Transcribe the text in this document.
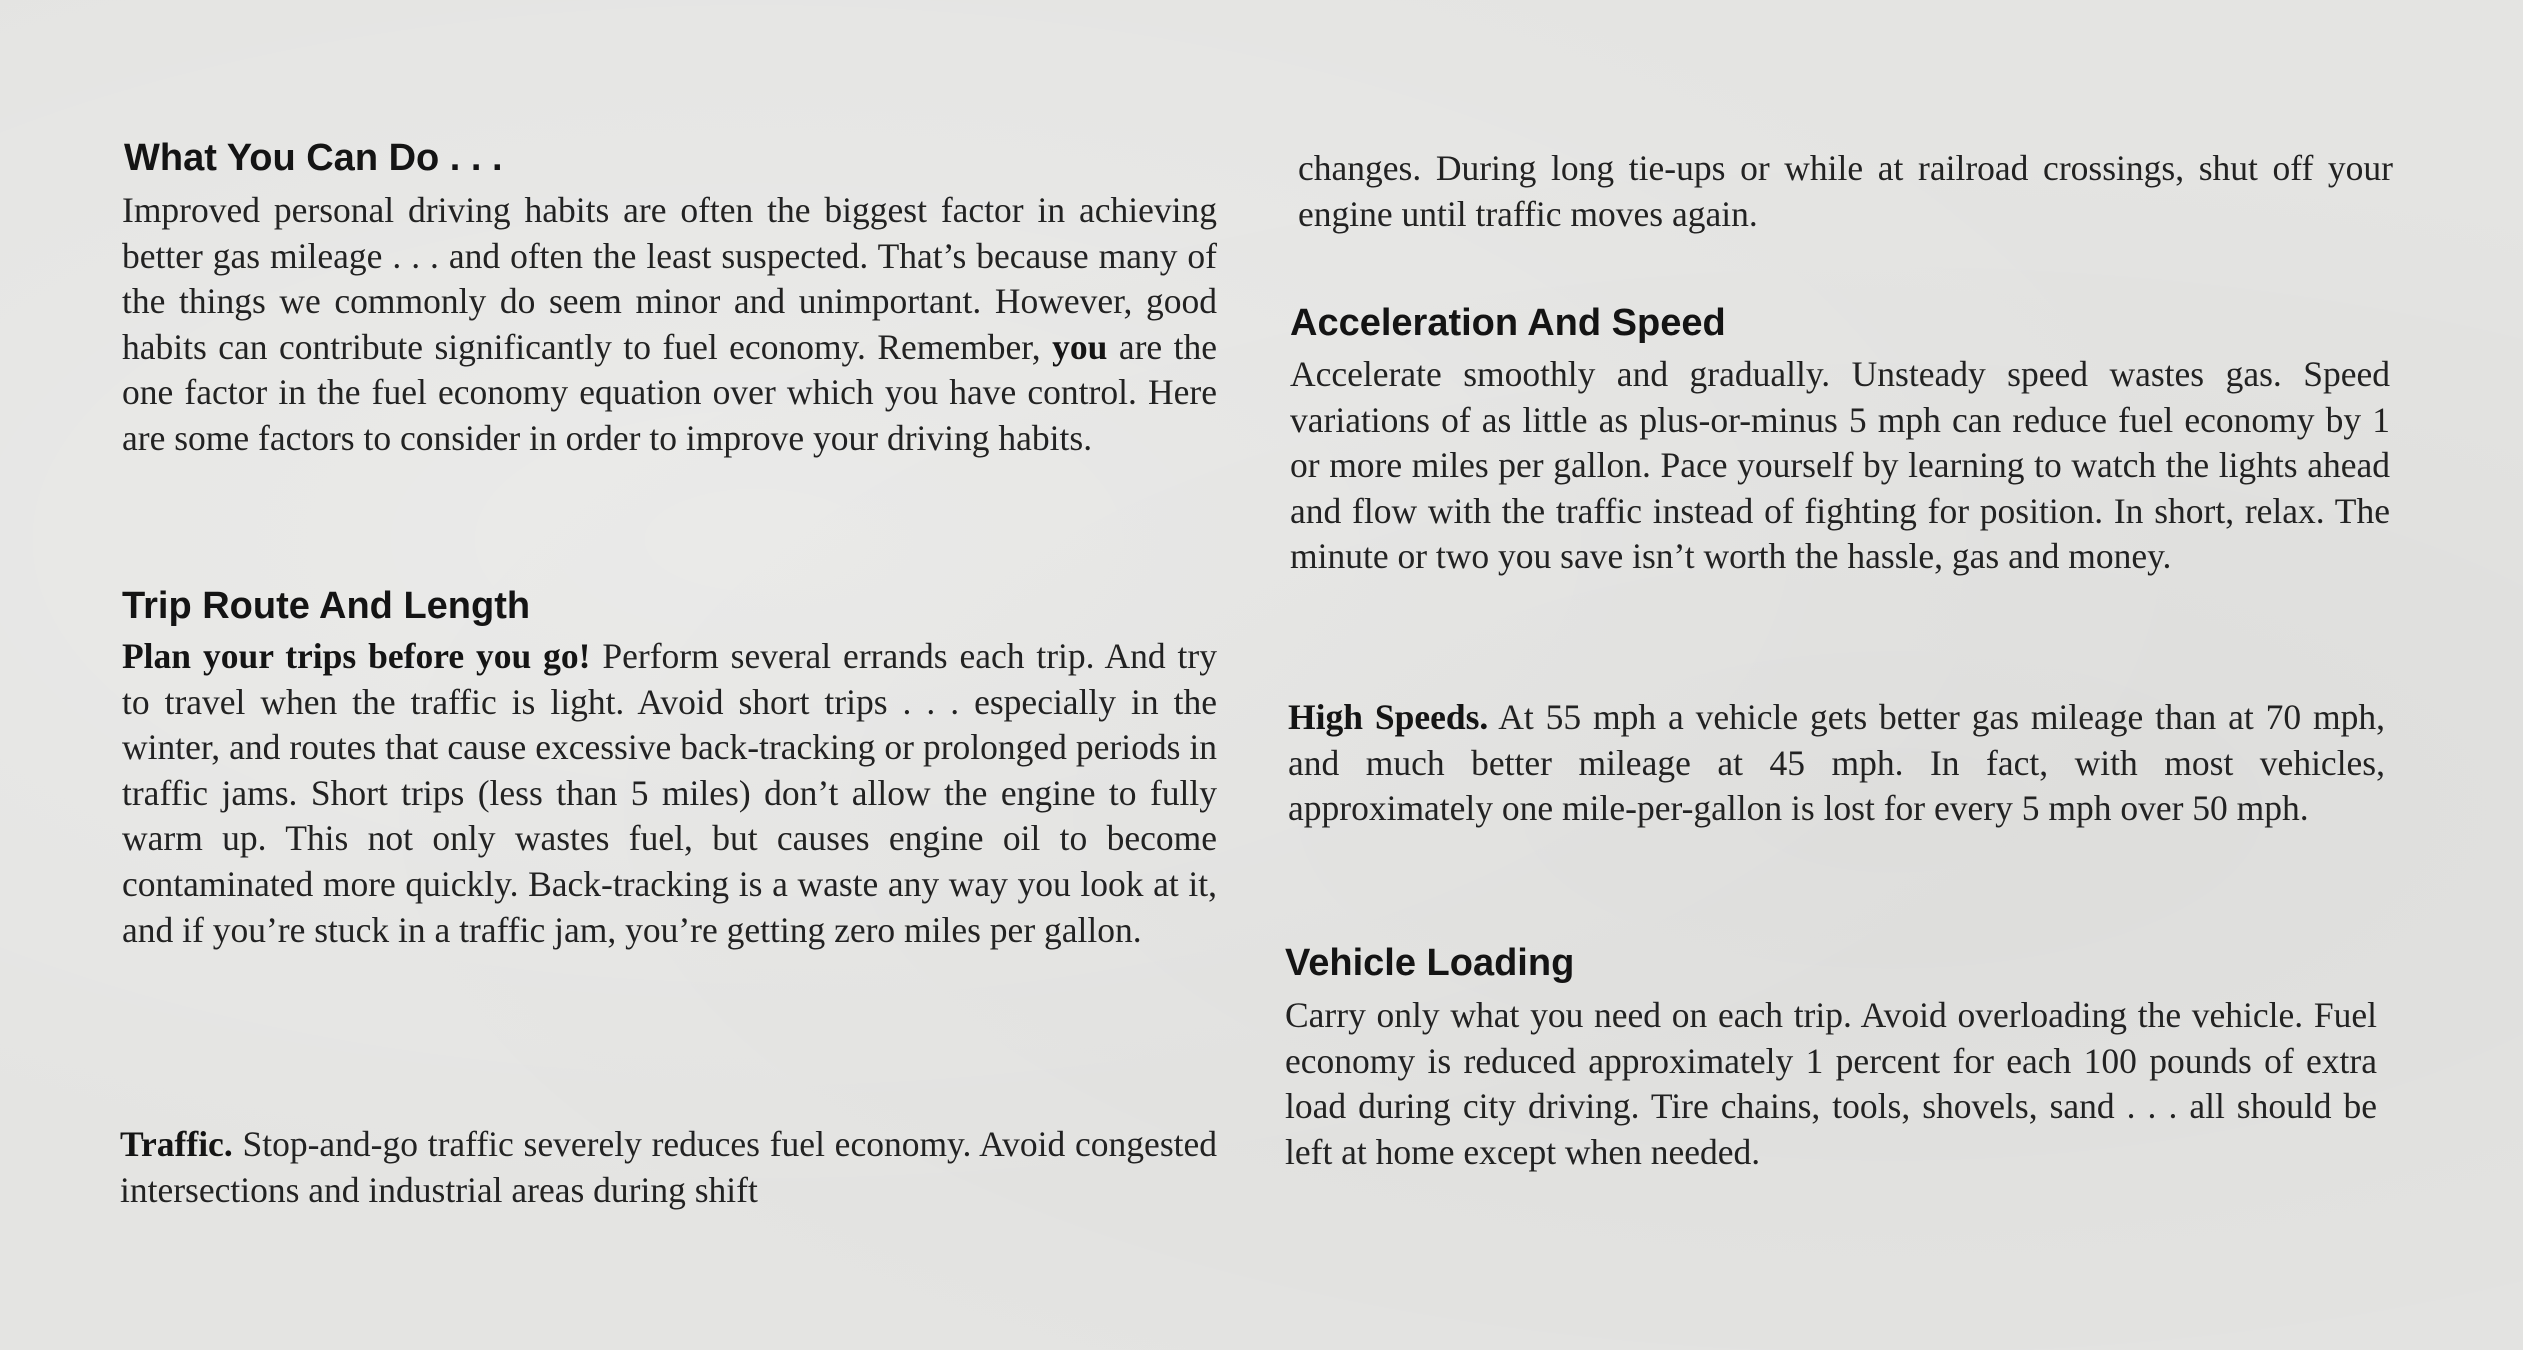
What You Can Do . . .

Improved personal driving habits are often the biggest factor in achieving better gas mileage . . . and often the least suspected. That’s because many of the things we commonly do seem minor and unimportant. However, good habits can contribute significantly to fuel economy. Remember, you are the one factor in the fuel economy equation over which you have control. Here are some factors to consider in order to improve your driving habits.

Trip Route And Length

Plan your trips before you go! Perform several errands each trip. And try to travel when the traffic is light. Avoid short trips . . . especially in the winter, and routes that cause excessive back-tracking or prolonged periods in traffic jams. Short trips (less than 5 miles) don’t allow the engine to fully warm up. This not only wastes fuel, but causes engine oil to become contaminated more quickly. Back-tracking is a waste any way you look at it, and if you’re stuck in a traffic jam, you’re getting zero miles per gallon.

Traffic. Stop-and-go traffic severely reduces fuel economy. Avoid congested intersections and industrial areas during shift

changes. During long tie-ups or while at railroad crossings, shut off your engine until traffic moves again.

Acceleration And Speed

Accelerate smoothly and gradually. Unsteady speed wastes gas. Speed variations of as little as plus-or-minus 5 mph can reduce fuel economy by 1 or more miles per gallon. Pace yourself by learning to watch the lights ahead and flow with the traffic instead of fighting for position. In short, relax. The minute or two you save isn’t worth the hassle, gas and money.

High Speeds. At 55 mph a vehicle gets better gas mileage than at 70 mph, and much better mileage at 45 mph. In fact, with most vehicles, approximately one mile-per-gallon is lost for every 5 mph over 50 mph.

Vehicle Loading

Carry only what you need on each trip. Avoid overloading the vehicle. Fuel economy is reduced approximately 1 percent for each 100 pounds of extra load during city driving. Tire chains, tools, shovels, sand . . . all should be left at home except when needed.
